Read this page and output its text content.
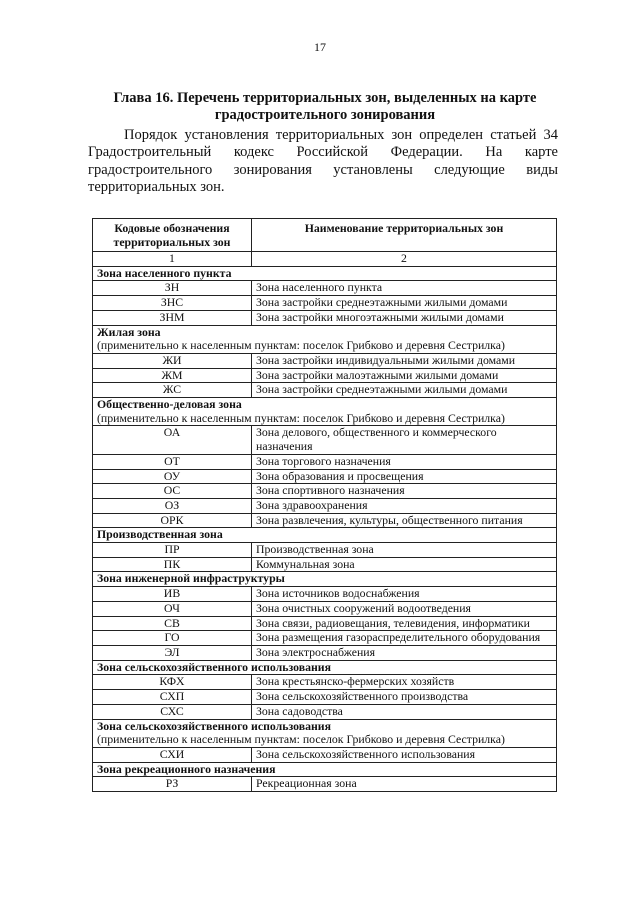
17
Глава 16. Перечень территориальных зон, выделенных на карте градостроительного зонирования
Порядок установления территориальных зон определен статьей 34 Градостроительный кодекс Российской Федерации. На карте градостроительного зонирования установлены следующие виды территориальных зон.
Кодовые обозначения территориальных зон	Наименование территориальных зон
1	2

Зона населенного пункта	

ЗН	Зона населенного пункта
ЗНС	Зона застройки среднеэтажными жилыми домами
ЗНМ	Зона застройки многоэтажными жилыми домами

Жилая зона
(применительно к населенным пунктам: поселок Грибково и деревня Сестрилка)	
ЖИ	Зона застройки индивидуальными жилыми домами
ЖМ	Зона застройки малоэтажными жилыми домами
ЖС	Зона застройки среднеэтажными жилыми домами

Общественно-деловая зона
(применительно к населенным пунктам: поселок Грибково и деревня Сестрилка)	
ОА	Зона делового, общественного и коммерческого назначения
ОТ	Зона торгового назначения
ОУ	Зона образования и просвещения
ОС	Зона спортивного назначения
ОЗ	Зона здравоохранения
ОРК	Зона развлечения, культуры, общественного питания

Производственная зона	

ПР	Производственная зона
ПК	Коммунальная зона

Зона инженерной инфраструктуры	

ИВ	Зона источников водоснабжения
ОЧ	Зона очистных сооружений водоотведения
СВ	Зона связи, радиовещания, телевидения, информатики
ГО	Зона размещения газораспределительного оборудования
ЭЛ	Зона электроснабжения

Зона сельскохозяйственного использования	

КФХ	Зона крестьянско-фермерских хозяйств
СХП	Зона сельскохозяйственного производства
СХС	Зона садоводства

Зона сельскохозяйственного использования
(применительно к населенным пунктам: поселок Грибково и деревня Сестрилка)	
СХИ	Зона сельскохозяйственного использования

Зона рекреационного назначения	

РЗ	Рекреационная зона
